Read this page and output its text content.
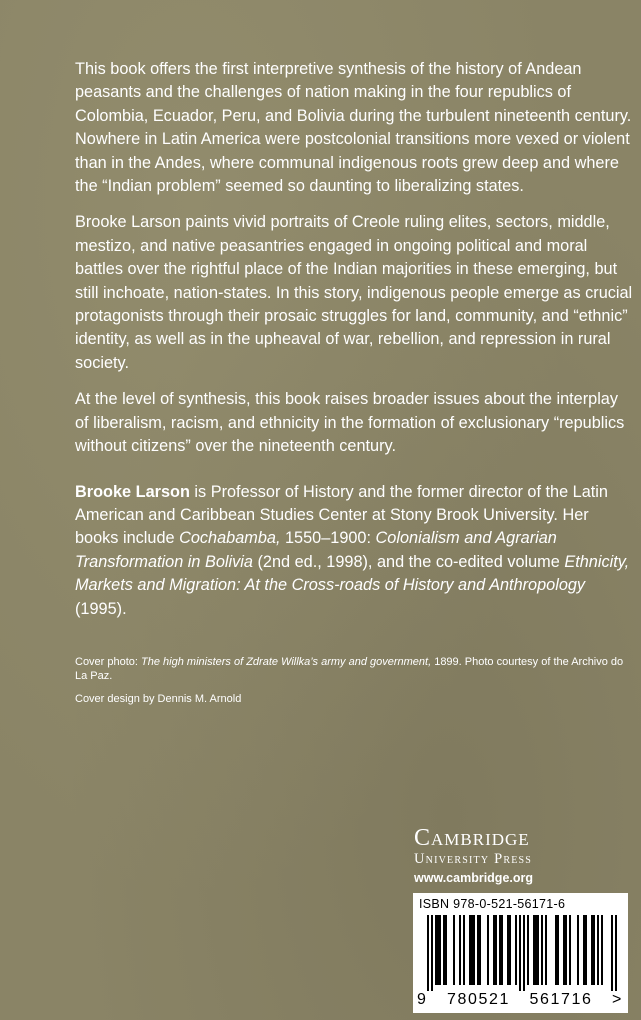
This book offers the first interpretive synthesis of the history of Andean peasants and the challenges of nation making in the four republics of Colombia, Ecuador, Peru, and Bolivia during the turbulent nineteenth century. Nowhere in Latin America were postcolonial transitions more vexed or violent than in the Andes, where communal indigenous roots grew deep and where the “Indian problem” seemed so daunting to liberalizing states.

Brooke Larson paints vivid portraits of Creole ruling elites, sectors, middle, mestizo, and native peasantries engaged in ongoing political and moral battles over the rightful place of the Indian majorities in these emerging, but still inchoate, nation-states. In this story, indigenous people emerge as crucial protagonists through their prosaic struggles for land, community, and “ethnic” identity, as well as in the upheaval of war, rebellion, and repression in rural society.

At the level of synthesis, this book raises broader issues about the interplay of liberalism, racism, and ethnicity in the formation of exclusionary “republics without citizens” over the nineteenth century.

Brooke Larson is Professor of History and the former director of the Latin American and Caribbean Studies Center at Stony Brook University. Her books include Cochabamba, 1550–1900: Colonialism and Agrarian Transformation in Bolivia (2nd ed., 1998), and the co-edited volume Ethnicity, Markets and Migration: At the Cross-roads of History and Anthropology (1995).

Cover photo: The high ministers of Zdrate Willka’s army and government, 1899. Photo courtesy of the Archivo do La Paz.

Cover design by Dennis M. Arnold

Cambridge
University Press
www.cambridge.org
ISBN 978-0-521-56171-6
9 780521 561716 >
